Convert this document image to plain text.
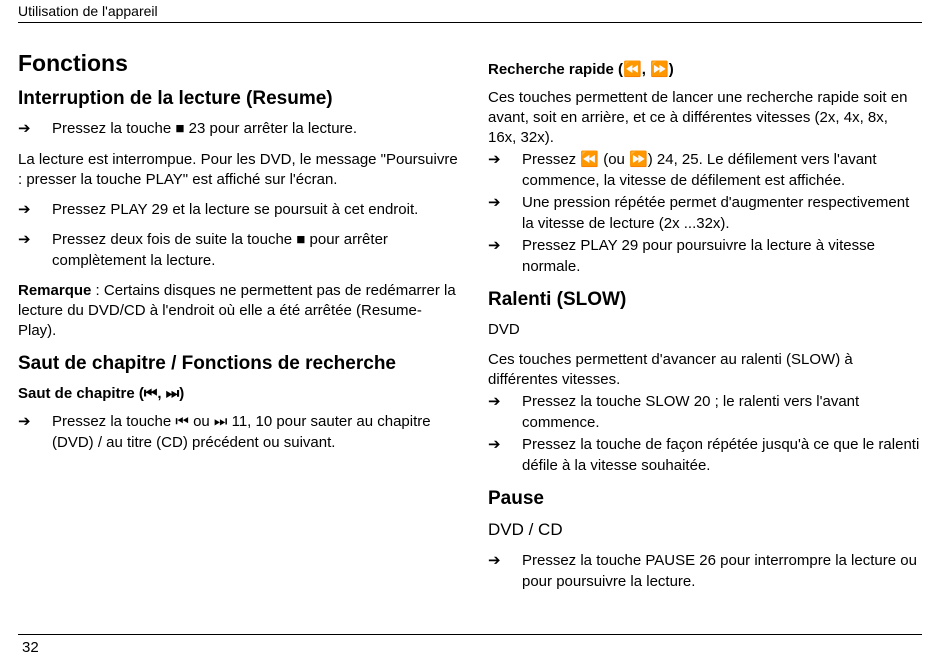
Utilisation de l'appareil
Fonctions
Interruption de la lecture (Resume)
➔ Pressez la touche ■ 23 pour arrêter la lecture.

La lecture est interrompue. Pour les DVD, le message "Poursuivre : presser la touche PLAY" est affiché sur l'écran.

➔ Pressez PLAY 29 et la lecture se poursuit à cet endroit.
➔ Pressez deux fois de suite la touche ■ pour arrêter complètement la lecture.

Remarque : Certains disques ne permettent pas de redémarrer la lecture du DVD/CD à l'endroit où elle a été arrêtée (Resume-Play).

Saut de chapitre / Fonctions de recherche
Saut de chapitre (⏮, ⏭)
➔ Pressez la touche ⏮ ou ⏭ 11, 10 pour sauter au chapitre (DVD) / au titre (CD) précédent ou suivant.
Recherche rapide (⏪, ⏩)

Ces touches permettent de lancer une recherche rapide soit en avant, soit en arrière, et ce à différentes vitesses (2x, 4x, 8x, 16x, 32x).

➔ Pressez ⏪ (ou ⏩) 24, 25. Le défilement vers l'avant commence, la vitesse de défilement est affichée.
➔ Une pression répétée permet d'augmenter respectivement la vitesse de lecture (2x ...32x).
➔ Pressez PLAY 29 pour poursuivre la lecture à vitesse normale.
Ralenti (SLOW)

DVD

Ces touches permettent d'avancer au ralenti (SLOW) à différentes vitesses.

➔ Pressez la touche SLOW 20 ; le ralenti vers l'avant commence.
➔ Pressez la touche de façon répétée jusqu'à ce que le ralenti défile à la vitesse souhaitée.
Pause

DVD / CD

➔ Pressez la touche PAUSE 26 pour interrompre la lecture ou pour poursuivre la lecture.
32
